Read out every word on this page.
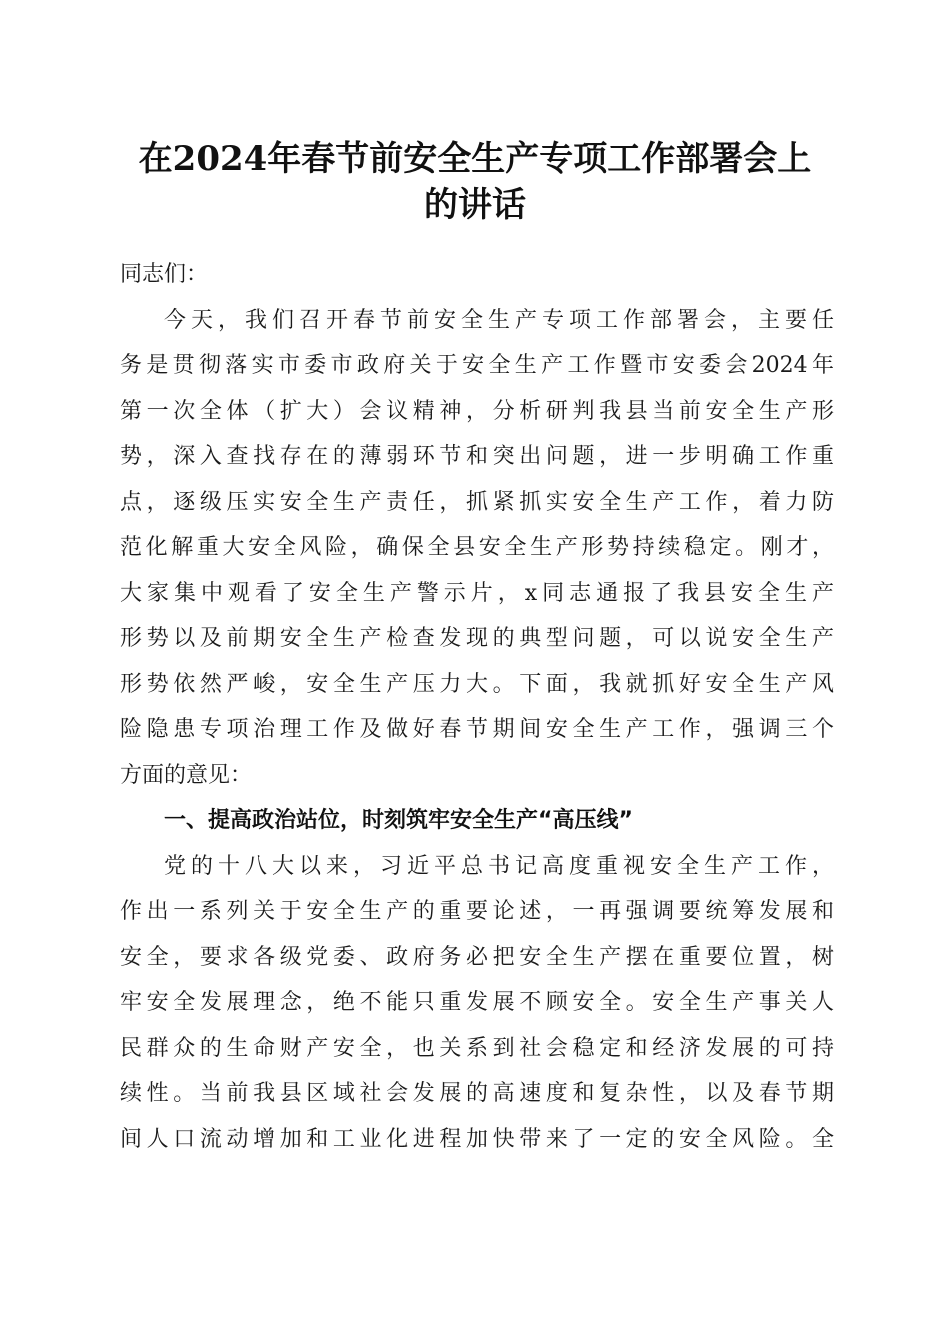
在2024年春节前安全生产专项工作部署会上
的讲话
同志们：
今天，我们召开春节前安全生产专项工作部署会，主要任
务是贯彻落实市委市政府关于安全生产工作暨市安委会2024年
第一次全体（扩大）会议精神，分析研判我县当前安全生产形
势，深入查找存在的薄弱环节和突出问题，进一步明确工作重
点，逐级压实安全生产责任，抓紧抓实安全生产工作，着力防
范化解重大安全风险，确保全县安全生产形势持续稳定。刚才，
大家集中观看了安全生产警示片，x同志通报了我县安全生产
形势以及前期安全生产检查发现的典型问题，可以说安全生产
形势依然严峻，安全生产压力大。下面，我就抓好安全生产风
险隐患专项治理工作及做好春节期间安全生产工作，强调三个
方面的意见：
一、提高政治站位，时刻筑牢安全生产“高压线”
党的十八大以来，习近平总书记高度重视安全生产工作，
作出一系列关于安全生产的重要论述，一再强调要统筹发展和
安全，要求各级党委、政府务必把安全生产摆在重要位置，树
牢安全发展理念，绝不能只重发展不顾安全。安全生产事关人
民群众的生命财产安全，也关系到社会稳定和经济发展的可持
续性。当前我县区域社会发展的高速度和复杂性，以及春节期
间人口流动增加和工业化进程加快带来了一定的安全风险。全
